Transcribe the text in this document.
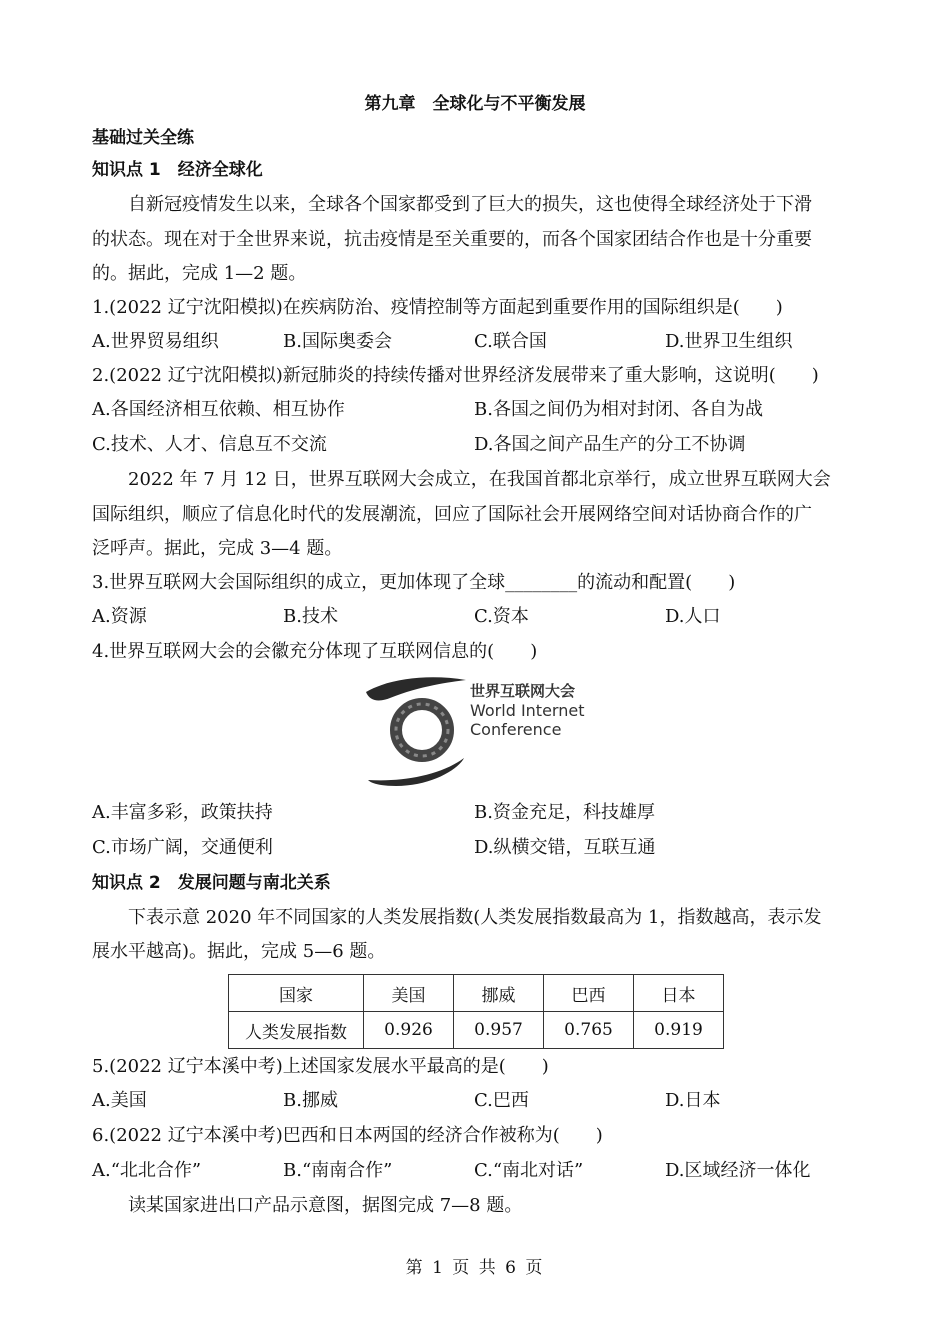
第九章　全球化与不平衡发展
基础过关全练
知识点 1　经济全球化
自新冠疫情发生以来，全球各个国家都受到了巨大的损失，这也使得全球经济处于下滑
的状态。现在对于全世界来说，抗击疫情是至关重要的，而各个国家团结合作也是十分重要
的。据此，完成 1—2 题。
1.(2022 辽宁沈阳模拟)在疾病防治、疫情控制等方面起到重要作用的国际组织是(　　)
A.世界贸易组织	B.国际奥委会	C.联合国	D.世界卫生组织
2.(2022 辽宁沈阳模拟)新冠肺炎的持续传播对世界经济发展带来了重大影响，这说明(　　)
A.各国经济相互依赖、相互协作	B.各国之间仍为相对封闭、各自为战
C.技术、人才、信息互不交流	D.各国之间产品生产的分工不协调
2022 年 7 月 12 日，世界互联网大会成立，在我国首都北京举行，成立世界互联网大会
国际组织，顺应了信息化时代的发展潮流，回应了国际社会开展网络空间对话协商合作的广
泛呼声。据此，完成 3—4 题。
3.世界互联网大会国际组织的成立，更加体现了全球________的流动和配置(　　)
A.资源	B.技术	C.资本	D.人口
4.世界互联网大会的会徽充分体现了互联网信息的(　　)
世界互联网大会
World Internet
Conference
A.丰富多彩，政策扶持	B.资金充足，科技雄厚
C.市场广阔，交通便利	D.纵横交错，互联互通
知识点 2　发展问题与南北关系
下表示意 2020 年不同国家的人类发展指数(人类发展指数最高为 1，指数越高，表示发
展水平越高)。据此，完成 5—6 题。
国家	美国	挪威	巴西	日本
人类发展指数	0.926	0.957	0.765	0.919
5.(2022 辽宁本溪中考)上述国家发展水平最高的是(　　)
A.美国	B.挪威	C.巴西	D.日本
6.(2022 辽宁本溪中考)巴西和日本两国的经济合作被称为(　　)
A.“北北合作”	B.“南南合作”	C.“南北对话”	D.区域经济一体化
读某国家进出口产品示意图，据图完成 7—8 题。
第 1 页 共 6 页
